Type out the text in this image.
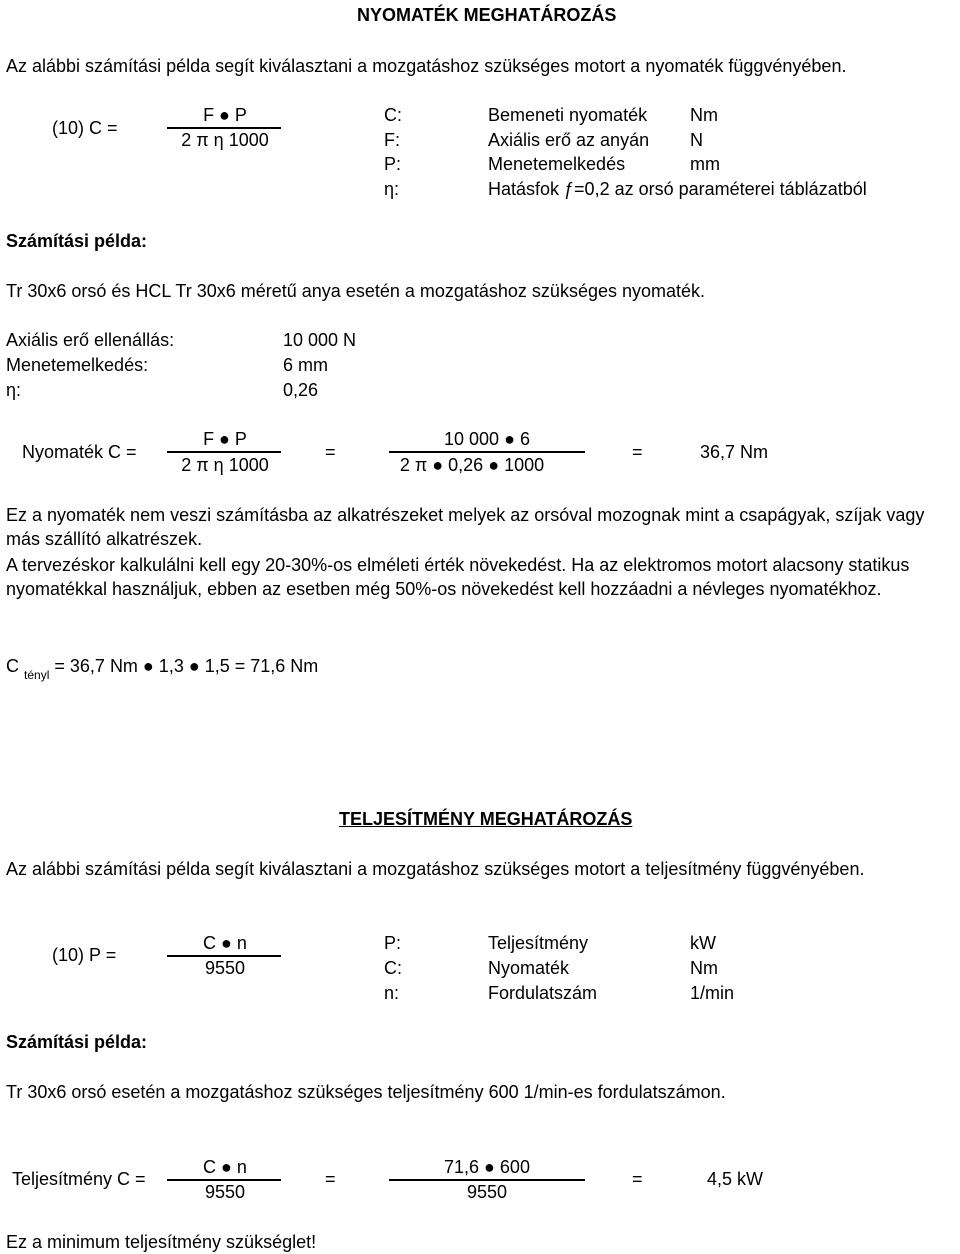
NYOMATÉK MEGHATÁROZÁS
Az alábbi számítási példa segít kiválasztani a mozgatáshoz szükséges motort a nyomaték függvényében.
(10) C =
F ● P
2 π η 1000
C:	Bemeneti nyomaték Nm
F:	Axiális erő az anyán N
P:	Menetemelkedés	mm
η:	Hatásfok ƒ=0,2 az orsó paraméterei táblázatból
Számítási példa:
Tr 30x6 orsó és HCL Tr 30x6 méretű anya esetén a mozgatáshoz szükséges nyomaték.
Axiális erő ellenállás:	10 000 N
Menetemelkedés:	6 mm
η:	0,26
Nyomaték C =
F ● P
2 π η 1000
=
10 000 ● 6
2 π ● 0,26 ● 1000
=	36,7 Nm
Ez a nyomaték nem veszi számításba az alkatrészeket melyek az orsóval mozognak mint a csapágyak, szíjak vagy más szállító alkatrészek.
A tervezéskor kalkulálni kell egy 20-30%-os elméleti érték növekedést. Ha az elektromos motort alacsony statikus nyomatékkal használjuk, ebben az esetben még 50%-os növekedést kell hozzáadni a névleges nyomatékhoz.
C $_{tényl}$ = 36,7 Nm ● 1,3 ● 1,5 = 71,6 Nm
TELJESÍTMÉNY MEGHATÁROZÁS
Az alábbi számítási példa segít kiválasztani a mozgatáshoz szükséges motort a teljesítmény függvényében.
(10) P =
C ● n
9550
P:	Teljesítmény	kW
C:	Nyomaték	Nm
n:	Fordulatszám	1/min
Számítási példa:
Tr 30x6 orsó esetén a mozgatáshoz szükséges teljesítmény 600 1/min-es fordulatszámon.
Teljesítmény C =
C ● n
9550
=
71,6 ● 600
9550
=	4,5 kW
Ez a minimum teljesítmény szükséglet!
